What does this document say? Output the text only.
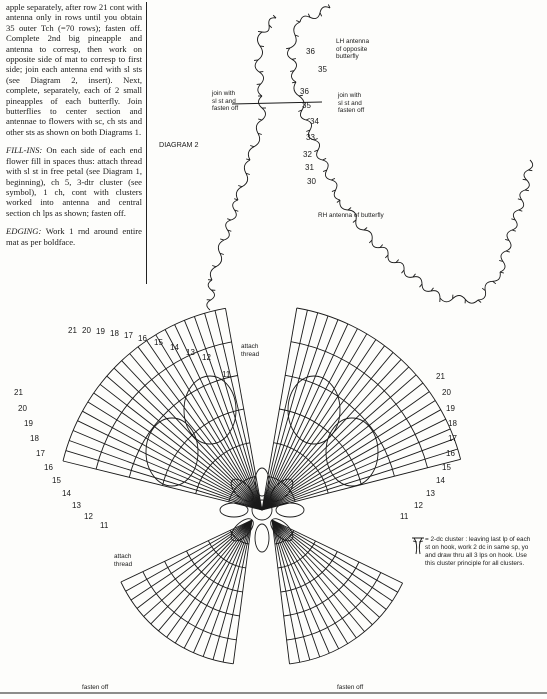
apple separately, after row 21 cont with antenna only in rows until you obtain 35 outer Tch (=70 rows); fasten off. Complete 2nd big pineapple and antenna to corresp, then work on opposite side of mat to corresp to first side; join each antenna end with sl sts (see Diagram 2, insert). Next, complete, separately, each of 2 small pineapples of each butterfly. Join butterflies to center section and antennae to flowers with sc, ch sts and other sts as shown on both Diagrams 1.

FILL-INS: On each side of each end flower fill in spaces thus: attach thread with sl st in free petal (see Diagram 1, beginning), ch 5, 3-dtr cluster (see symbol), 1 ch, cont with clusters worked into antenna and central section ch lps as shown; fasten off.

EDGING: Work 1 rnd around entire mat as per boldface.

DIAGRAM 2
LH antenna
of opposite
butterfly
join with
sl st and
fasten off
join with
sl st and
fasten off
RH antenna of butterfly
attach
thread
attach
thread
fasten off	fasten off
= 2-dc cluster : leaving last lp of each st on hook, work 2 dc in same sp, yo and draw thru all 3 lps on hook. Use this cluster principle for all clusters.
36
35
34
33
32
31
30
36
35
21 20 19 18 17 16 15
14
13
12
11
21
20
19
18
17
16
15
14
13
12
11
21
20
19
18
17
16
15
14
13
12
11
